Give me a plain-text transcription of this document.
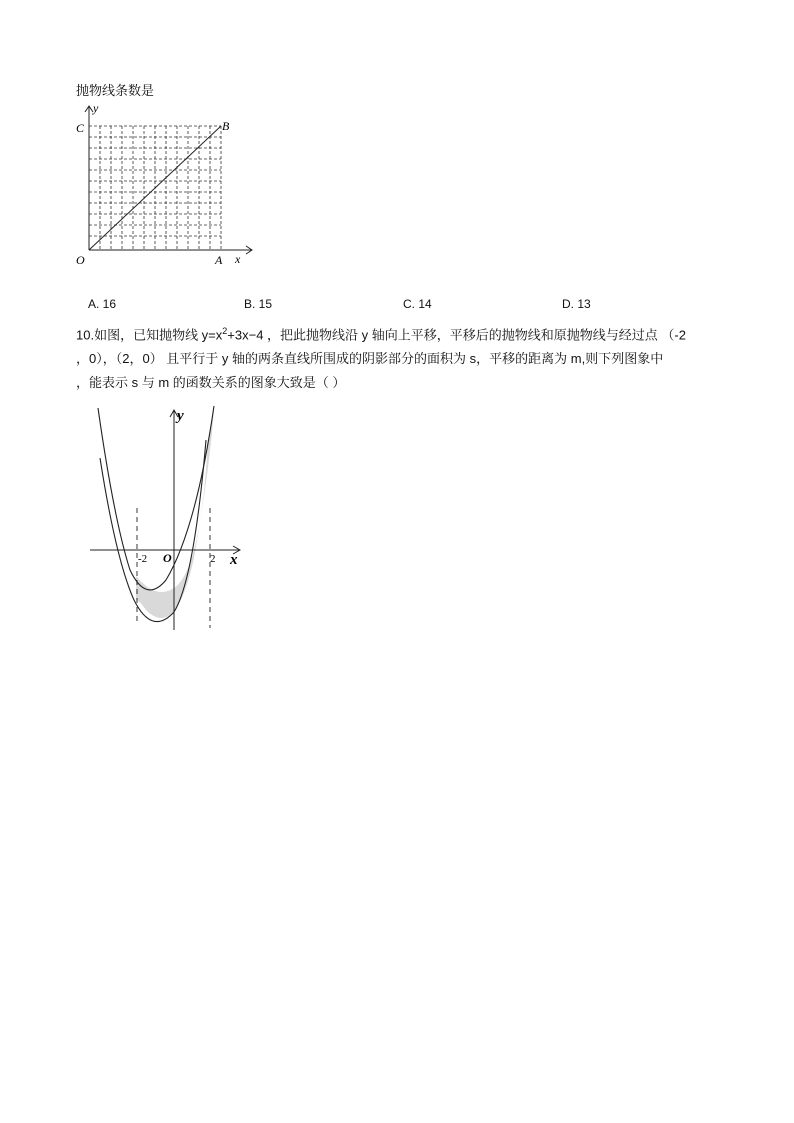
抛物线条数是
C
y
B
O	A x
A. 16	B. 15	C. 14	D. 13
10.如图，已知抛物线 $y=x^2+3x-4$ ，把此抛物线沿 y 轴向上平移，平移后的抛物线和原抛物线与经过点 （-2
，0），（2，0） 且平行于 y 轴的两条直线所围成的阴影部分的面积为 s，平移的距离为 m,则下列图象中
，能表示 s 与 m 的函数关系的图象大致是（ ）
y
x
-2 O	2
